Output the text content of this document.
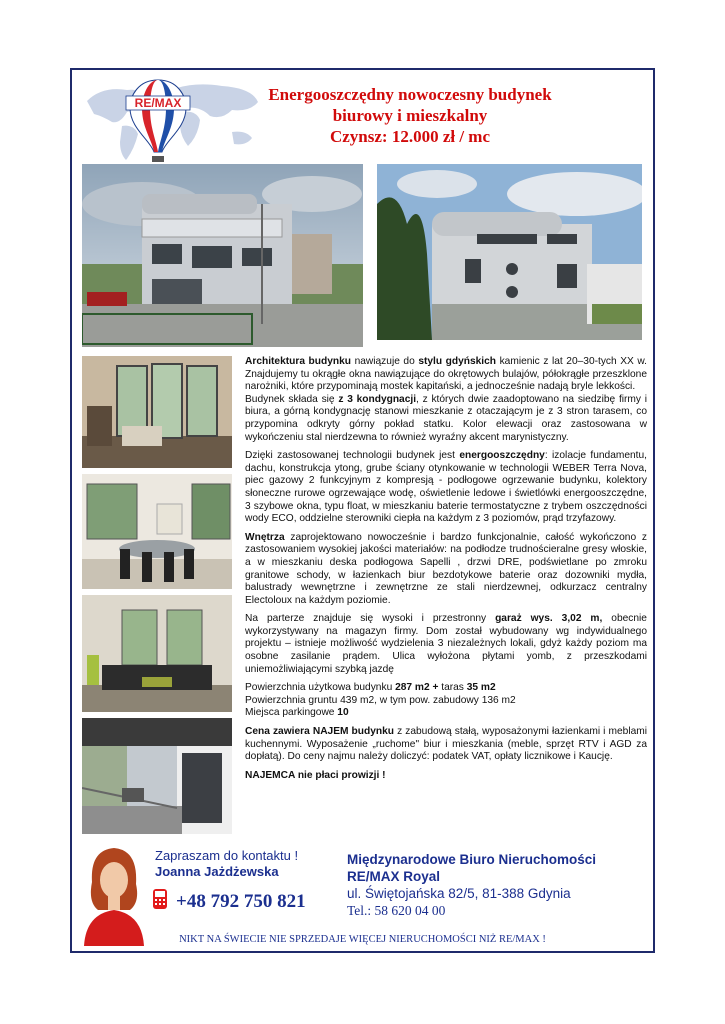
RE/MAX	Energooszczędny nowoczesny budynek
biurowy i mieszkalny
Czynsz: 12.000 zł / mc

Architektura budynku nawiązuje do stylu gdyńskich kamienic z lat 20–30-tych XX w. Znajdujemy tu okrągłe okna nawiązujące do okrętowych bulajów, półokrągłe przeszklone narożniki, które przypominają mostek kapitański, a jednocześnie nadają bryle lekkości.
Budynek składa się z 3 kondygnacji, z których dwie zaadoptowano na siedzibę firmy i biura, a górną kondygnację stanowi mieszkanie z otaczającym je z 3 stron tarasem, co przypomina odkryty górny pokład statku. Kolor elewacji oraz zastosowana w wykończeniu stal nierdzewna to również wyraźny akcent marynistyczny.

Dzięki zastosowanej technologii budynek jest energooszczędny: izolacje fundamentu, dachu, konstrukcja ytong, grube ściany otynkowanie w technologii WEBER Terra Nova, piec gazowy 2 funkcyjnym z kompresją - podłogowe ogrzewanie budynku, kolektory słoneczne rurowe ogrzewające wodę, oświetlenie ledowe i świetlówki energooszczędne, 3 szybowe okna, typu float, w mieszkaniu baterie termostatyczne z trybem oszczędności wody ECO, oddzielne sterowniki ciepła na każdym z 3 poziomów, prąd trzyfazowy.

Wnętrza zaprojektowano nowocześnie i bardzo funkcjonalnie, całość wykończono z zastosowaniem wysokiej jakości materiałów: na podłodze trudnościeralne gresy włoskie, a w mieszkaniu deska podłogowa Sapelli , drzwi DRE, podświetlane po zmroku granitowe schody, w łazienkach biur bezdotykowe baterie oraz dozowniki mydła, balustrady wewnętrzne i zewnętrzne ze stali nierdzewnej, odkurzacz centralny Electoloux na każdym poziomie.

Na parterze znajduje się wysoki i przestronny garaż wys. 3,02 m, obecnie wykorzystywany na magazyn firmy. Dom został wybudowany wg indywidualnego projektu – istnieje możliwość wydzielenia 3 niezależnych lokali, gdyż każdy poziom ma osobne zasilanie prądem. Ulica wyłożona płytami yomb, z przeszkodami uniemożliwiającymi szybką jazdę

Powierzchnia użytkowa budynku 287 m2 + taras 35 m2
Powierzchnia gruntu 439 m2, w tym pow. zabudowy 136 m2
Miejsca parkingowe 10

Cena zawiera NAJEM budynku z zabudową stałą, wyposażonymi łazienkami i meblami kuchennymi. Wyposażenie „ruchome" biur i mieszkania (meble, sprzęt RTV i AGD za dopłatą). Do ceny najmu należy doliczyć: podatek VAT, opłaty licznikowe i Kaucję.

NAJEMCA nie płaci prowizji !

Zapraszam do kontaktu !
Joanna Jażdżewska
+48 792 750 821
Międzynarodowe Biuro Nieruchomości
RE/MAX Royal
ul. Świętojańska 82/5, 81-388 Gdynia
Tel.: 58 620 04 00
NIKT NA ŚWIECIE NIE SPRZEDAJE WIĘCEJ NIERUCHOMOŚCI NIŻ RE/MAX !
